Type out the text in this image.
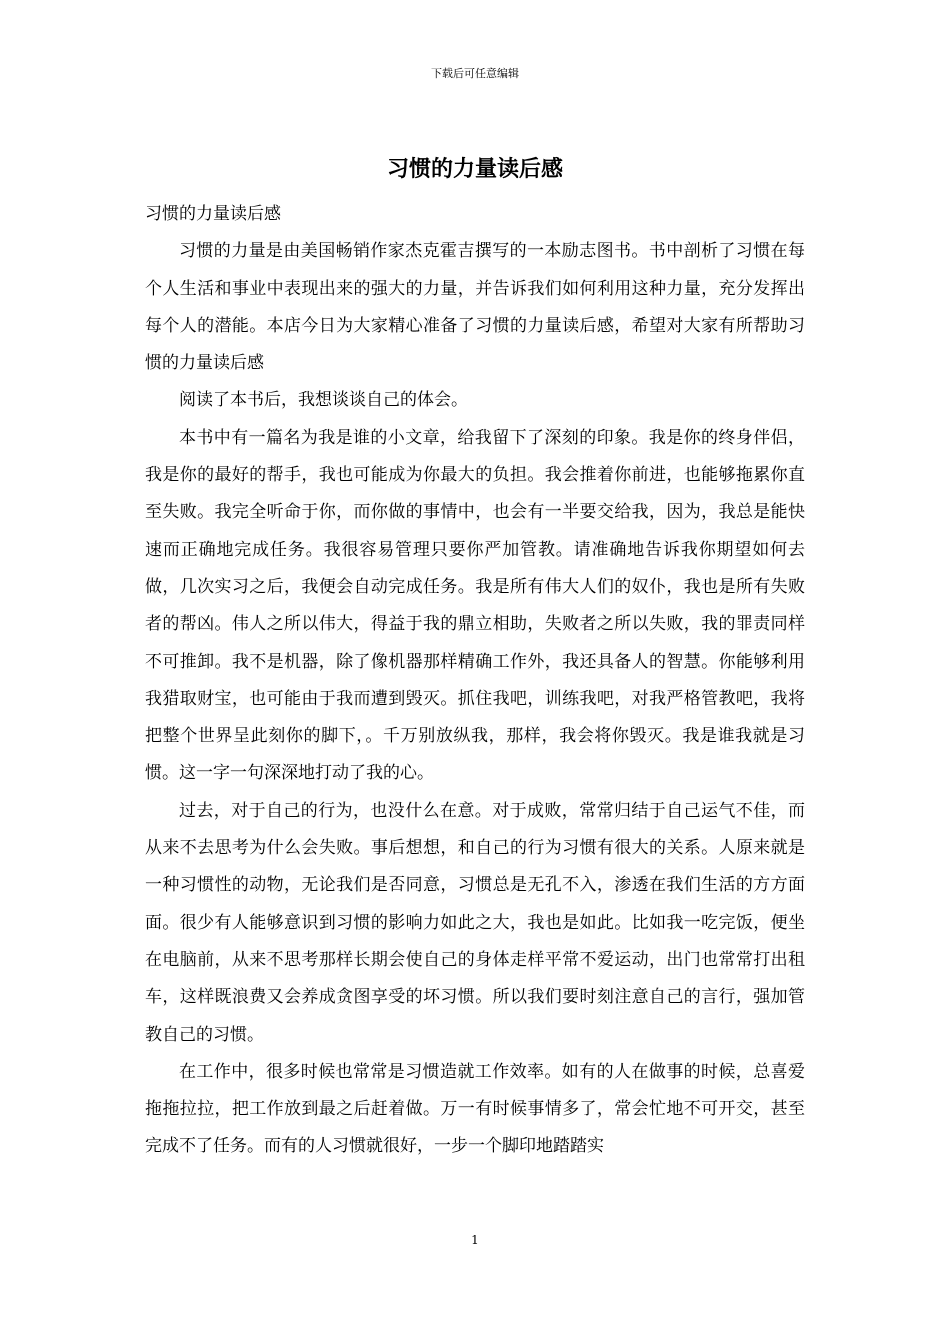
下载后可任意编辑
习惯的力量读后感

习惯的力量读后感

习惯的力量是由美国畅销作家杰克霍吉撰写的一本励志图书。书中剖析了习惯在每个人生活和事业中表现出来的强大的力量，并告诉我们如何利用这种力量，充分发挥出每个人的潜能。本店今日为大家精心准备了习惯的力量读后感，希望对大家有所帮助习惯的力量读后感

阅读了本书后，我想谈谈自己的体会。

本书中有一篇名为我是谁的小文章，给我留下了深刻的印象。我是你的终身伴侣，我是你的最好的帮手，我也可能成为你最大的负担。我会推着你前进，也能够拖累你直至失败。我完全听命于你，而你做的事情中，也会有一半要交给我，因为，我总是能快速而正确地完成任务。我很容易管理只要你严加管教。请准确地告诉我你期望如何去做，几次实习之后，我便会自动完成任务。我是所有伟大人们的奴仆，我也是所有失败者的帮凶。伟人之所以伟大，得益于我的鼎立相助，失败者之所以失败，我的罪责同样不可推卸。我不是机器，除了像机器那样精确工作外，我还具备人的智慧。你能够利用我猎取财宝，也可能由于我而遭到毁灭。抓住我吧，训练我吧，对我严格管教吧，我将把整个世界呈此刻你的脚下，。千万别放纵我，那样，我会将你毁灭。我是谁我就是习惯。这一字一句深深地打动了我的心。

过去，对于自己的行为，也没什么在意。对于成败，常常归结于自己运气不佳，而从来不去思考为什么会失败。事后想想，和自己的行为习惯有很大的关系。人原来就是一种习惯性的动物，无论我们是否同意，习惯总是无孔不入，渗透在我们生活的方方面面。很少有人能够意识到习惯的影响力如此之大，我也是如此。比如我一吃完饭，便坐在电脑前，从来不思考那样长期会使自己的身体走样平常不爱运动，出门也常常打出租车，这样既浪费又会养成贪图享受的坏习惯。所以我们要时刻注意自己的言行，强加管教自己的习惯。

在工作中，很多时候也常常是习惯造就工作效率。如有的人在做事的时候，总喜爱拖拖拉拉，把工作放到最之后赶着做。万一有时候事情多了，常会忙地不可开交，甚至完成不了任务。而有的人习惯就很好，一步一个脚印地踏踏实

1
